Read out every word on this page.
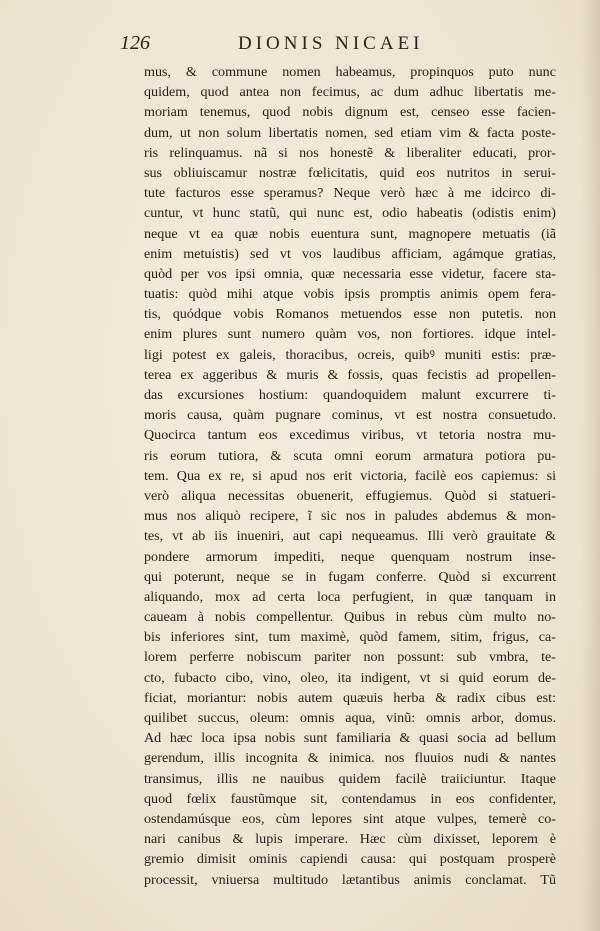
126	DIONIS NICAEI
mus, & commune nomen habeamus, propinquos puto nunc
quidem, quod antea non fecimus, ac dum adhuc libertatis me-
moriam tenemus, quod nobis dignum est, censeo esse facien-
dum, ut non solum libertatis nomen, sed etiam vim & facta poste-
ris relinquamus. nã si nos honestẽ & liberaliter educati, pror-
sus obliuiscamur nostræ fœlicitatis, quid eos nutritos in serui-
tute facturos esse speramus? Neque verò hæc à me idcirco di-
cuntur, vt hunc statũ, qui nunc est, odio habeatis (odistis enim)
neque vt ea quæ nobis euentura sunt, magnopere metuatis (iã
enim metuistis) sed vt vos laudibus afficiam, agámque gratias,
quòd per vos ipsi omnia, quæ necessaria esse videtur, facere sta-
tuatis: quòd mihi atque vobis ipsis promptis animis opem fera-
tis, quódque vobis Romanos metuendos esse non putetis. non
enim plures sunt numero quàm vos, non fortiores. idque intel-
ligi potest ex galeis, thoracibus, ocreis, quibꝰ muniti estis: præ-
terea ex aggeribus & muris & fossis, quas fecistis ad propellen-
das excursiones hostium: quandoquidem malunt excurrere ti-
moris causa, quàm pugnare cominus, vt est nostra consuetudo.
Quocirca tantum eos excedimus viribus, vt tetoria nostra mu-
ris eorum tutiora, & scuta omni eorum armatura potiora pu-
tem. Qua ex re, si apud nos erit victoria, facilè eos capiemus: si
verò aliqua necessitas obuenerit, effugiemus. Quòd si statueri-
mus nos aliquò recipere, ĩ sic nos in paludes abdemus & mon-
tes, vt ab iis inueniri, aut capi nequeamus. Illi verò grauitate &
pondere armorum impediti, neque quenquam nostrum inse-
qui poterunt, neque se in fugam conferre. Quòd si excurrent
aliquando, mox ad certa loca perfugient, in quæ tanquam in
caueam à nobis compellentur. Quibus in rebus cùm multo no-
bis inferiores sint, tum maximè, quòd famem, sitim, frigus, ca-
lorem perferre nobiscum pariter non possunt: sub vmbra, te-
cto, fubacto cibo, vino, oleo, ita indigent, vt si quid eorum de-
ficiat, moriantur: nobis autem quæuis herba & radix cibus est:
quilibet succus, oleum: omnis aqua, vinũ: omnis arbor, domus.
Ad hæc loca ipsa nobis sunt familiaria & quasi socia ad bellum
gerendum, illis incognita & inimica. nos fluuios nudi & nantes
transimus, illis ne nauibus quidem facilè traiiciuntur. Itaque
quod fœlix faustũmque sit, contendamus in eos confidenter,
ostendamúsque eos, cùm lepores sint atque vulpes, temerè co-
nari canibus & lupis imperare. Hæc cùm dixisset, leporem è
gremio dimisit ominis capiendi causa: qui postquam prosperè
processit, vniuersa multitudo lætantibus animis conclamat. Tũ
